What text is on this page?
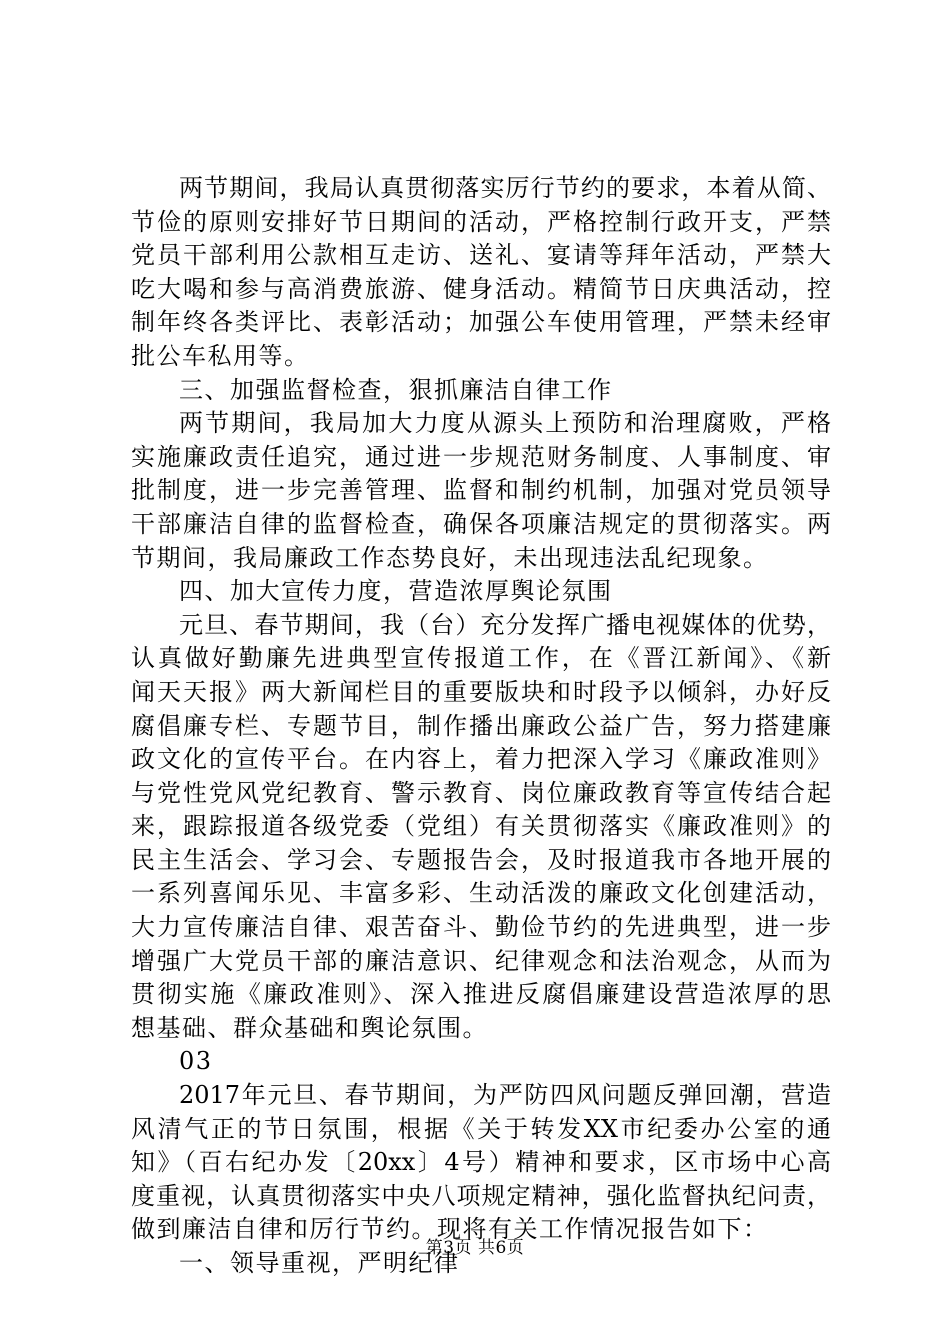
两节期间，我局认真贯彻落实厉行节约的要求，本着从简、
节俭的原则安排好节日期间的活动，严格控制行政开支，严禁
党员干部利用公款相互走访、送礼、宴请等拜年活动，严禁大
吃大喝和参与高消费旅游、健身活动。精简节日庆典活动，控
制年终各类评比、表彰活动；加强公车使用管理，严禁未经审
批公车私用等。
三、加强监督检查，狠抓廉洁自律工作
两节期间，我局加大力度从源头上预防和治理腐败，严格
实施廉政责任追究，通过进一步规范财务制度、人事制度、审
批制度，进一步完善管理、监督和制约机制，加强对党员领导
干部廉洁自律的监督检查，确保各项廉洁规定的贯彻落实。两
节期间，我局廉政工作态势良好，未出现违法乱纪现象。
四、加大宣传力度，营造浓厚舆论氛围
元旦、春节期间，我（台）充分发挥广播电视媒体的优势，
认真做好勤廉先进典型宣传报道工作，在《晋江新闻》、《新
闻天天报》两大新闻栏目的重要版块和时段予以倾斜，办好反
腐倡廉专栏、专题节目，制作播出廉政公益广告，努力搭建廉
政文化的宣传平台。在内容上，着力把深入学习《廉政准则》
与党性党风党纪教育、警示教育、岗位廉政教育等宣传结合起
来，跟踪报道各级党委（党组）有关贯彻落实《廉政准则》的
民主生活会、学习会、专题报告会，及时报道我市各地开展的
一系列喜闻乐见、丰富多彩、生动活泼的廉政文化创建活动，
大力宣传廉洁自律、艰苦奋斗、勤俭节约的先进典型，进一步
增强广大党员干部的廉洁意识、纪律观念和法治观念，从而为
贯彻实施《廉政准则》、深入推进反腐倡廉建设营造浓厚的思
想基础、群众基础和舆论氛围。
03
2017年元旦、春节期间，为严防四风问题反弹回潮，营造
风清气正的节日氛围，根据《关于转发XX市纪委办公室的通
知》（百右纪办发〔20xx〕4号）精神和要求，区市场中心高
度重视，认真贯彻落实中央八项规定精神，强化监督执纪问责，
做到廉洁自律和厉行节约。现将有关工作情况报告如下：
一、领导重视，严明纪律
第3页 共6页
